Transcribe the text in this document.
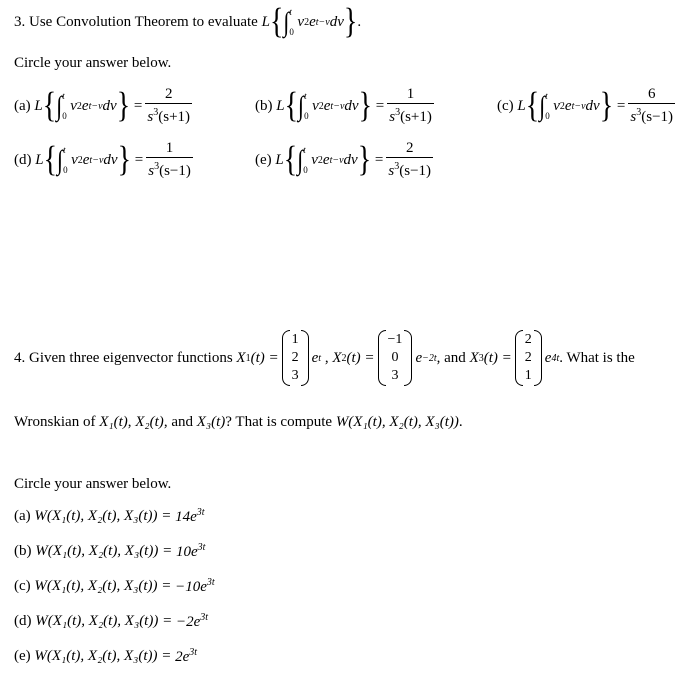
3. Use Convolution Theorem to evaluate
L { ∫ t
0
v 2 e t−v dv } .
Circle your answer below.
(a)
L { ∫ t
0
v 2 e t−v dv } = $\frac{2}{s^3(s+1)}$	(b)
L { ∫ t
0
v 2 e t−v dv } = $\frac{1}{s^3(s+1)}$	(c)
L { ∫ t
0
v 2 e t−v dv } = $\frac{6}{s^3(s-1)}$
(d)
L { ∫ t
0
v 2 e t−v dv } = $\frac{1}{s^3(s-1)}$	(e)
L { ∫ t
0
v 2 e t−v dv } = $\frac{2}{s^3(s-1)}$
4. Given three eigenvector functions
X 1 (t) =
1
2
3
e t , X 2 (t) =
−1
0
3
e −2t , and
X 3 (t) =
2
2
1
e 4t . What is the
Wronskian of X₁(t), X₂(t), and X₃(t)? That is compute W(X₁(t), X₂(t), X₃(t)).
Circle your answer below.
(a)
W(X₁(t), X₂(t), X₃(t)) =
$14e^{3t}$
(b)
W(X₁(t), X₂(t), X₃(t)) =
$10e^{3t}$
(c)
W(X₁(t), X₂(t), X₃(t)) =
$-10e^{3t}$
(d)
W(X₁(t), X₂(t), X₃(t)) =
$-2e^{3t}$
(e)
W(X₁(t), X₂(t), X₃(t)) =
$2e^{3t}$
